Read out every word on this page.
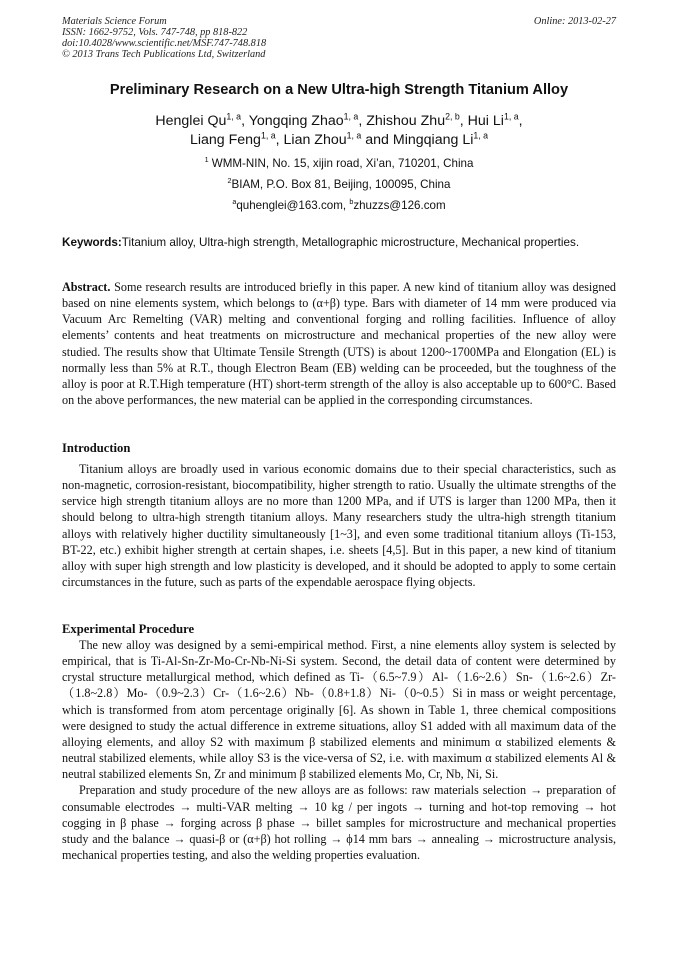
Materials Science Forum
ISSN: 1662-9752, Vols. 747-748, pp 818-822
doi:10.4028/www.scientific.net/MSF.747-748.818
© 2013 Trans Tech Publications Ltd, Switzerland
Online: 2013-02-27
Preliminary Research on a New Ultra-high Strength Titanium Alloy
Henglei Qu$^{1, a}$, Yongqing Zhao$^{1, a}$, Zhishou Zhu$^{2, b}$, Hui Li$^{1, a}$,
Liang Feng$^{1, a}$, Lian Zhou$^{1, a}$ and Mingqiang Li$^{1, a}$
$^1$ WMM-NIN, No. 15, xijin road, Xi’an, 710201, China
$^2$BIAM, P.O. Box 81, Beijing, 100095, China
$^a$quhenglei@163.com, $^b$zhuzzs@126.com
Keywords:Titanium alloy, Ultra-high strength, Metallographic microstructure, Mechanical properties.

Abstract. Some research results are introduced briefly in this paper. A new kind of titanium alloy was designed based on nine elements system, which belongs to (α+β) type. Bars with diameter of 14 mm were produced via Vacuum Arc Remelting (VAR) melting and conventional forging and rolling facilities. Influence of alloy elements’ contents and heat treatments on microstructure and mechanical properties of the new alloy were studied. The results show that Ultimate Tensile Strength (UTS) is about 1200~1700MPa and Elongation (EL) is normally less than 5% at R.T., though Electron Beam (EB) welding can be proceeded, but the toughness of the alloy is poor at R.T.High temperature (HT) short-term strength of the alloy is also acceptable up to 600°C. Based on the above performances, the new material can be applied in the corresponding circumstances.

Introduction

Titanium alloys are broadly used in various economic domains due to their special characteristics, such as non-magnetic, corrosion-resistant, biocompatibility, higher strength to ratio. Usually the ultimate strengths of the service high strength titanium alloys are no more than 1200 MPa, and if UTS is larger than 1200 MPa, then it should belong to ultra-high strength titanium alloys. Many researchers study the ultra-high strength titanium alloys with relatively higher ductility simultaneously [1~3], and even some traditional titanium alloys (Ti-153, BT-22, etc.) exhibit higher strength at certain shapes, i.e. sheets [4,5]. But in this paper, a new kind of titanium alloy with super high strength and low plasticity is developed, and it should be adopted to apply to some certain circumstances in the future, such as parts of the expendable aerospace flying objects.

Experimental Procedure

The new alloy was designed by a semi-empirical method. First, a nine elements alloy system is selected by empirical, that is Ti-Al-Sn-Zr-Mo-Cr-Nb-Ni-Si system. Second, the detail data of content were determined by crystal structure metallurgical method, which defined as Ti-（6.5~7.9）Al-（1.6~2.6）Sn-（1.6~2.6）Zr-（1.8~2.8）Mo-（0.9~2.3）Cr-（1.6~2.6）Nb-（0.8+1.8）Ni-（0~0.5）Si in mass or weight percentage, which is transformed from atom percentage originally [6]. As shown in Table 1, three chemical compositions were designed to study the actual difference in extreme situations, alloy S1 added with all maximum data of the alloying elements, and alloy S2 with maximum β stabilized elements and minimum α stabilized elements & neutral stabilized elements, while alloy S3 is the vice-versa of S2, i.e. with maximum α stabilized elements Al & neutral stabilized elements Sn, Zr and minimum β stabilized elements Mo, Cr, Nb, Ni, Si.

Preparation and study procedure of the new alloys are as follows: raw materials selection → preparation of consumable electrodes → multi-VAR melting → 10 kg / per ingots → turning and hot-top removing → hot cogging in β phase → forging across β phase → billet samples for microstructure and mechanical properties study and the balance → quasi-β or (α+β) hot rolling → ϕ14 mm bars → annealing → microstructure analysis, mechanical properties testing, and also the welding properties evaluation.
